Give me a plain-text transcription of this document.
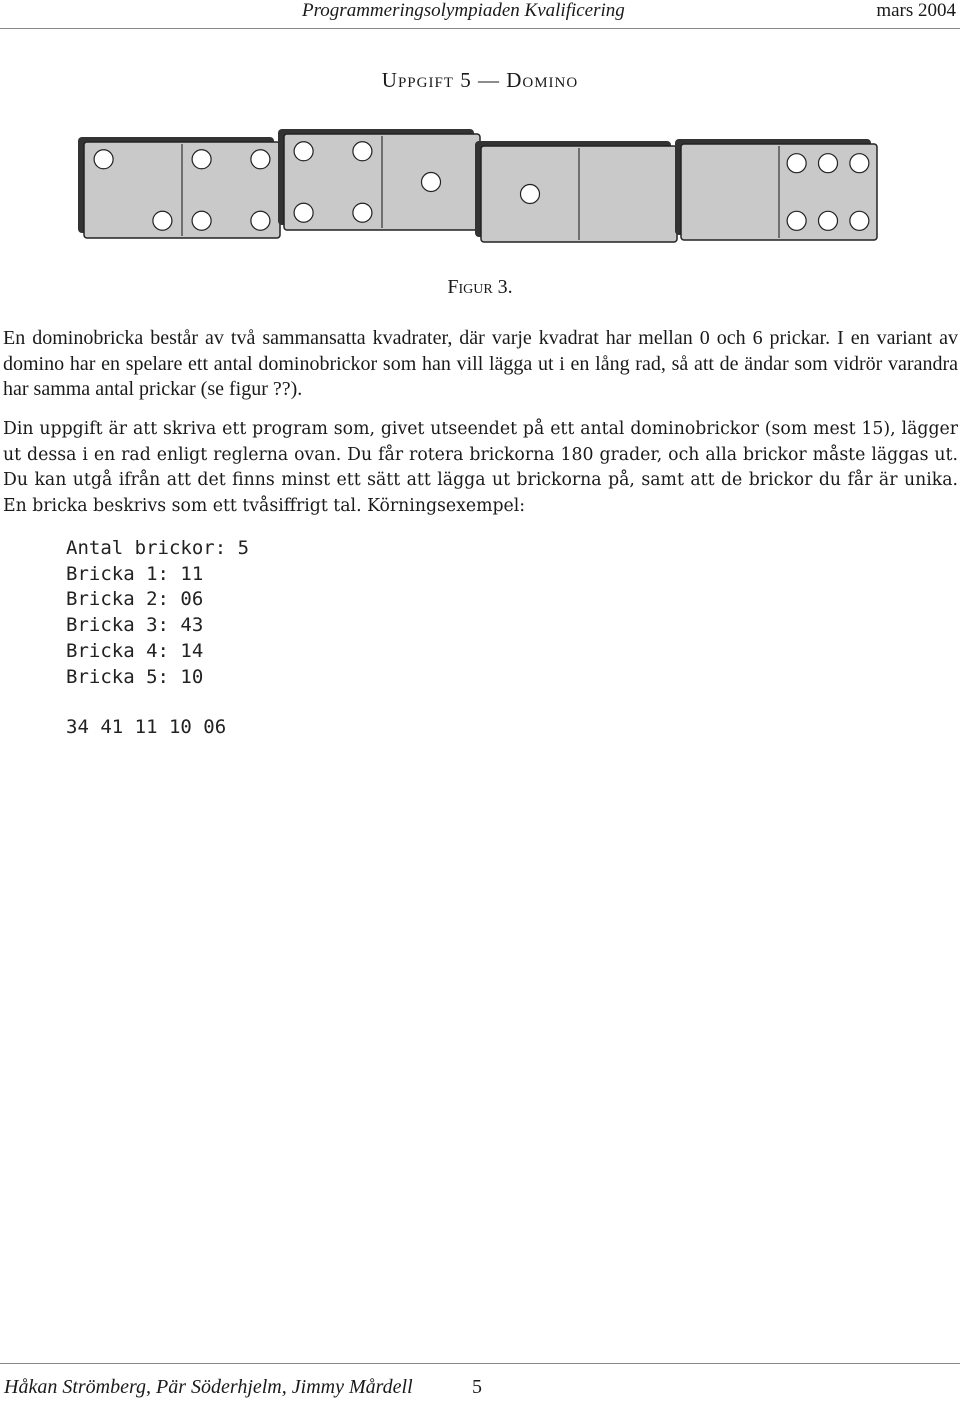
Programmeringsolympiaden Kvalificering	mars 2004
Uppgift 5 — Domino
Figur 3.

En dominobricka består av två sammansatta kvadrater, där varje kvadrat har mellan 0 och 6 prickar. I en variant av domino har en spelare ett antal dominobrickor som han vill lägga ut i en lång rad, så att de ändar som vidrör varandra har samma antal prickar (se figur ??).

Din uppgift är att skriva ett program som, givet utseendet på ett antal dominobrickor (som mest 15), lägger ut dessa i en rad enligt reglerna ovan. Du får rotera brickorna 180 grader, och alla brickor måste läggas ut. Du kan utgå ifrån att det finns minst ett sätt att lägga ut brickorna på, samt att de brickor du får är unika. En bricka beskrivs som ett tvåsiffrigt tal. Körningsexempel:

Antal brickor: 5
Bricka 1: 11
Bricka 2: 06
Bricka 3: 43
Bricka 4: 14
Bricka 5: 10
34 41 11 10 06
Håkan Strömberg, Pär Söderhjelm, Jimmy Mårdell	5
